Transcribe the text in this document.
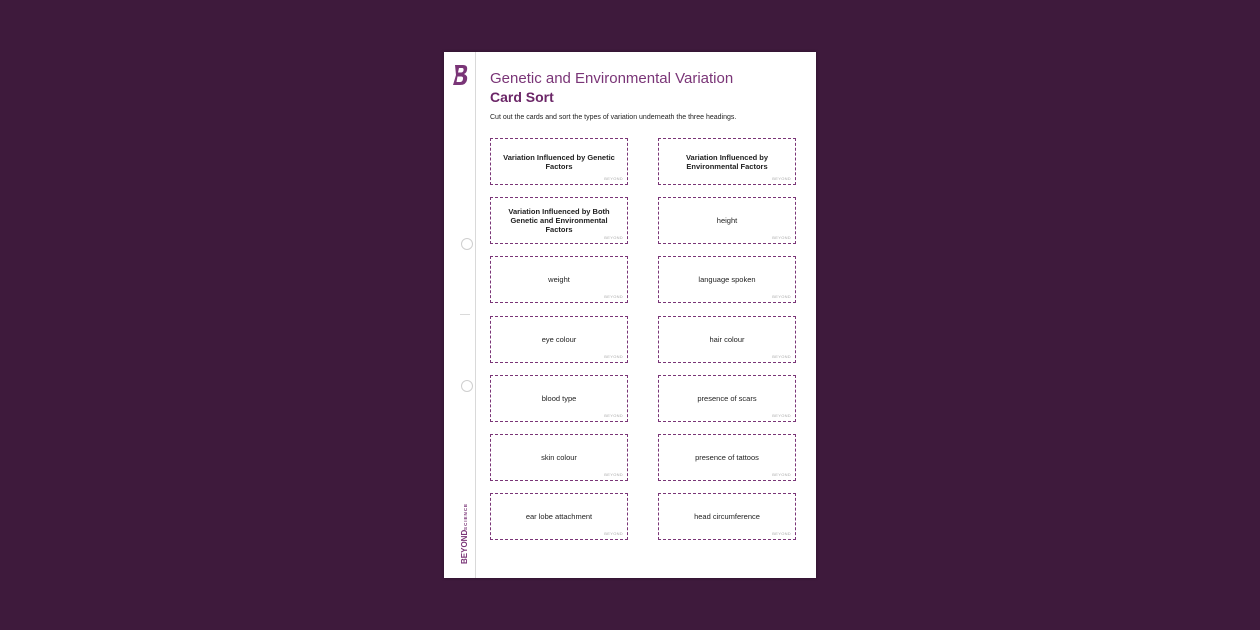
BEYOND
SCIENCE
Genetic and Environmental Variation
Card Sort
Cut out the cards and sort the types of variation underneath the three headings.
Variation Influenced by Genetic Factors
BEYOND
Variation Influenced by Environmental Factors
BEYOND
Variation Influenced by Both Genetic and Environmental Factors
BEYOND
height
BEYOND
weight
BEYOND
language spoken
BEYOND
eye colour
BEYOND
hair colour
BEYOND
blood type
BEYOND
presence of scars
BEYOND
skin colour
BEYOND
presence of tattoos
BEYOND
ear lobe attachment
BEYOND
head circumference
BEYOND
